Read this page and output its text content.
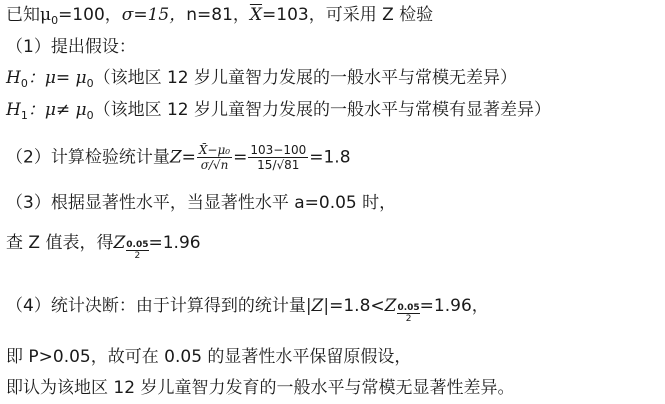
已知$\mu_0=100$，σ=15，n=81，$\overline{X}=103$，可采用 Z 检验
（1）提出假设：
$H_0$：$\mu= \mu_0$（该地区 12 岁儿童智力发展的一般水平与常模无差异）
$H_1$：$\mu\ne \mu_0$（该地区 12 岁儿童智力发展的一般水平与常模有显著差异）
（2）计算检验统计量$Z= \frac{\text{X̄−μ₀}}{\sigma/√n} = \frac{103-100}{15/√81} =1.8$
（3）根据显著性水平，当显著性水平 a=0.05 时，
查 Z 值表，得Z $\frac{0.05}{2} =1.96$
（4）统计决断：由于计算得到的统计量$|Z|=1.8<Z \frac{0.05}{2} =1.96$，
即 P>0.05，故可在 0.05 的显著性水平保留原假设，
即认为该地区 12 岁儿童智力发育的一般水平与常模无显著性差异。
